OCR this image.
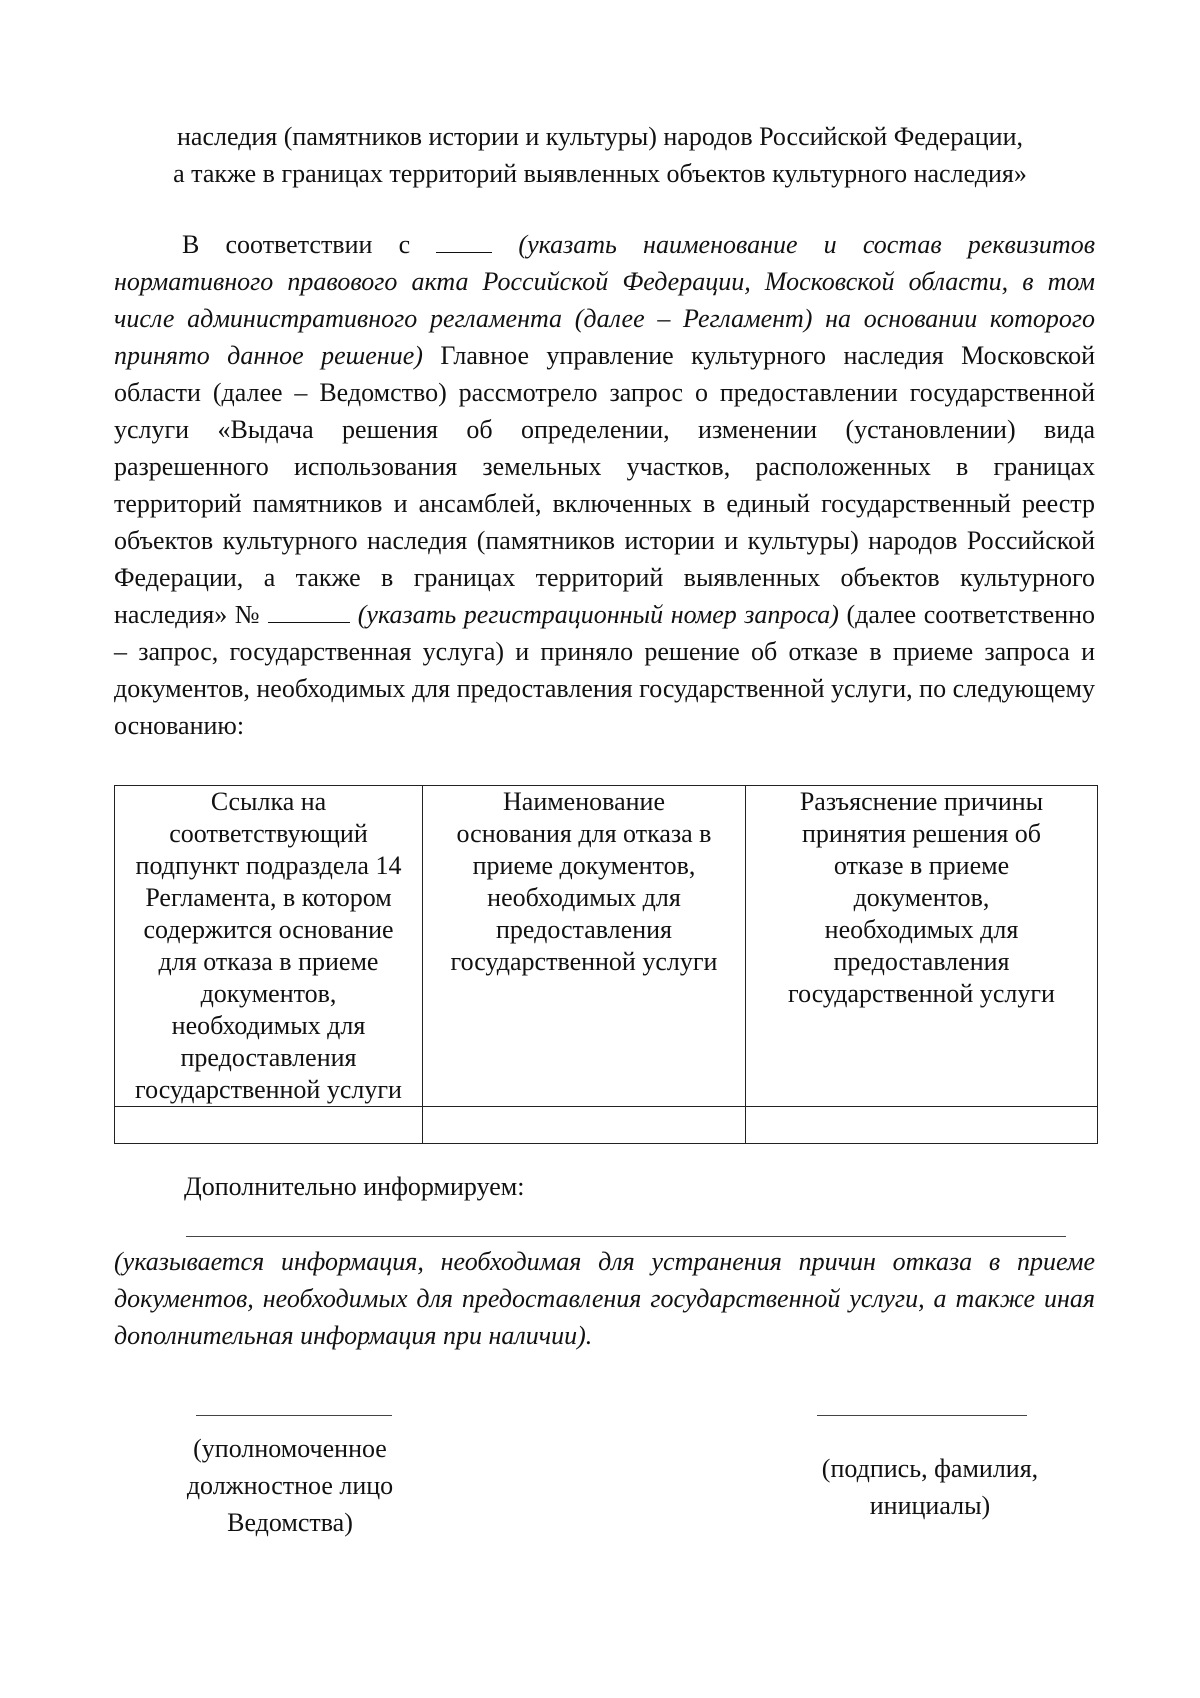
наследия (памятников истории и культуры) народов Российской Федерации,
а также в границах территорий выявленных объектов культурного наследия»
В соответствии с	(указать наименование и состав реквизитов нормативного правового акта Российской Федерации, Московской области, в том числе административного регламента (далее – Регламент) на основании которого принято данное решение) Главное управление культурного наследия Московской области (далее – Ведомство) рассмотрело запрос о предоставлении государственной услуги «Выдача решения об определении, изменении (установлении) вида разрешенного использования земельных участков, расположенных в границах территорий памятников и ансамблей, включенных в единый государственный реестр объектов культурного наследия (памятников истории и культуры) народов Российской Федерации, а также в границах территорий выявленных объектов культурного наследия» №	(указать регистрационный номер запроса) (далее соответственно – запрос, государственная услуга) и приняло решение об отказе в приеме запроса и документов, необходимых для предоставления государственной услуги, по следующему основанию:
Ссылка на соответствующий подпункт подраздела 14 Регламента, в котором содержится основание для отказа в приеме документов, необходимых для предоставления государственной услуги	Наименование основания для отказа в приеме документов, необходимых для предоставления государственной услуги	Разъяснение причины принятия решения об отказе в приеме документов, необходимых для предоставления государственной услуги

Дополнительно информируем:
(указывается информация, необходимая для устранения причин отказа в приеме документов, необходимых для предоставления государственной услуги, а также иная дополнительная информация при наличии).
(уполномоченное должностное лицо Ведомства)
(подпись, фамилия, инициалы)
